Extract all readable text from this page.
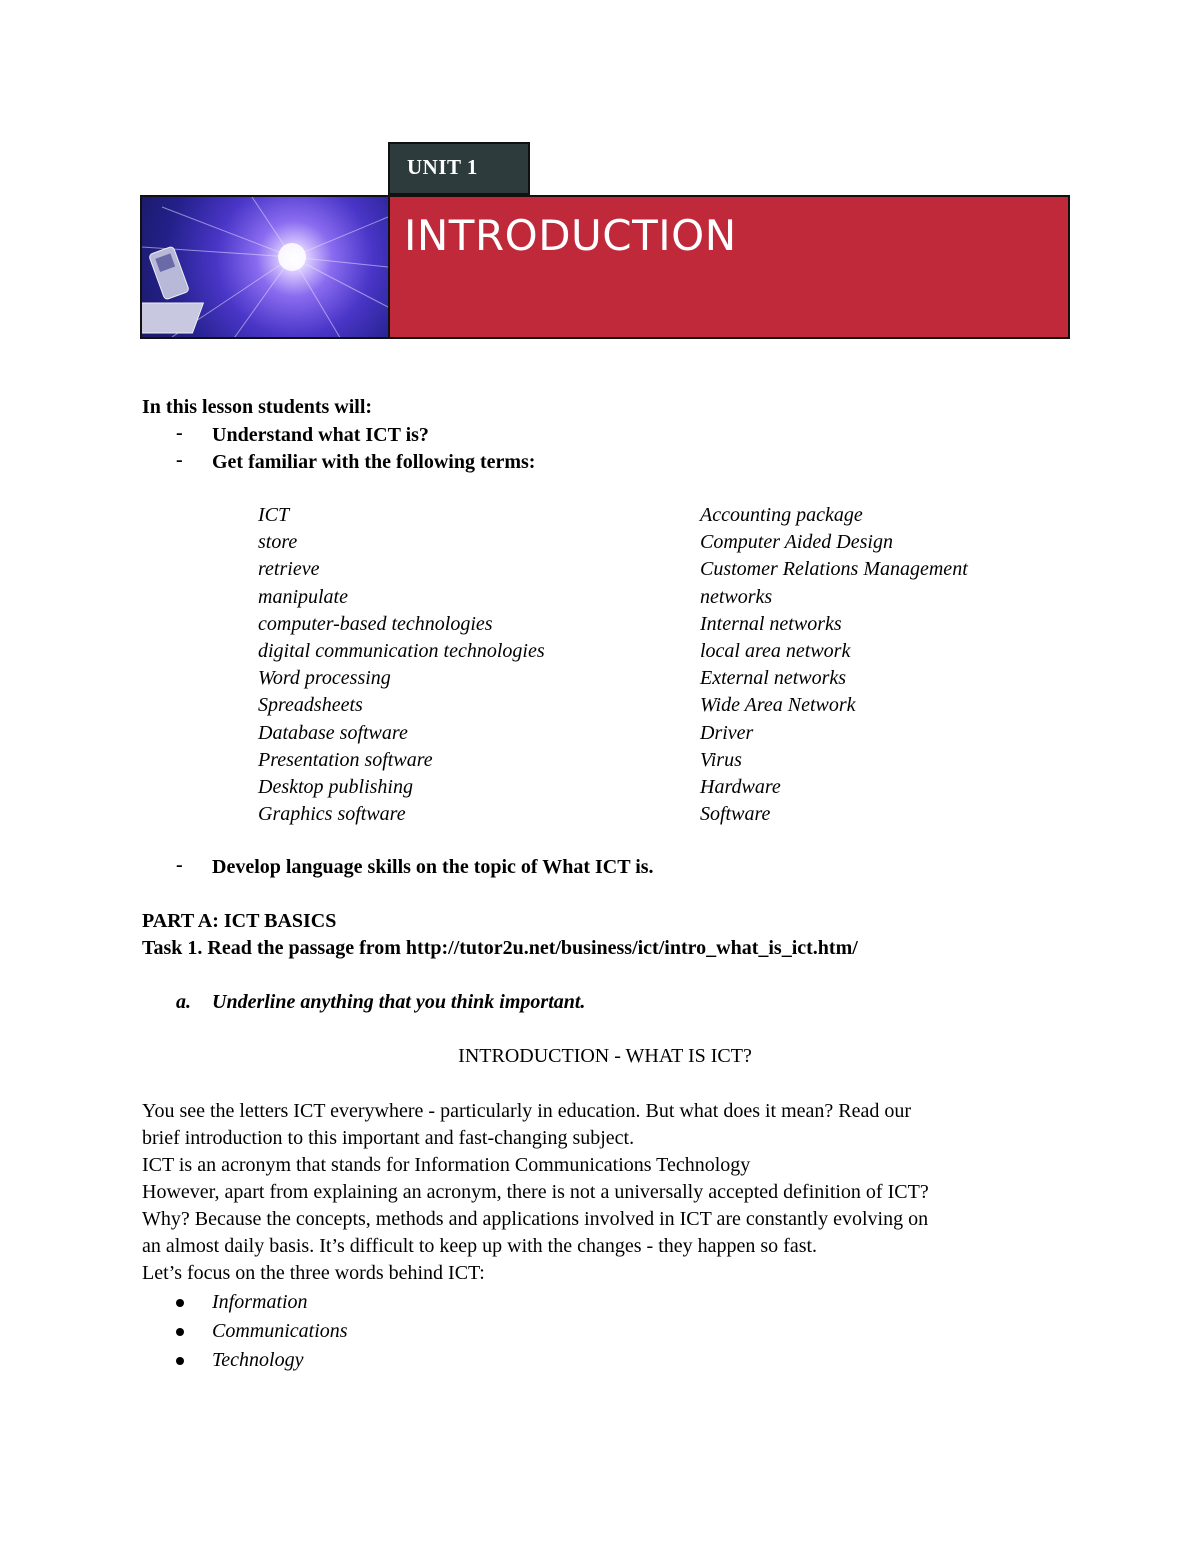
UNIT 1
INTRODUCTION
In this lesson students will:
- Understand what ICT is?
- Get familiar with the following terms:
ICT
store
retrieve
manipulate
computer-based technologies
digital communication technologies
Word processing
Spreadsheets
Database software
Presentation software
Desktop publishing
Graphics software
Accounting package
Computer Aided Design
Customer Relations Management
networks
Internal networks
local area network
External networks
Wide Area Network
Driver
Virus
Hardware
Software
- Develop language skills on the topic of What ICT is.
PART A: ICT BASICS
Task 1. Read the passage from http://tutor2u.net/business/ict/intro_what_is_ict.htm/
a. Underline anything that you think important.
INTRODUCTION - WHAT IS ICT?
You see the letters ICT everywhere - particularly in education. But what does it mean? Read our
brief introduction to this important and fast-changing subject.
ICT is an acronym that stands for Information Communications Technology
However, apart from explaining an acronym, there is not a universally accepted definition of ICT?
Why? Because the concepts, methods and applications involved in ICT are constantly evolving on
an almost daily basis. It’s difficult to keep up with the changes - they happen so fast.
Let’s focus on the three words behind ICT:
Information
Communications
Technology
